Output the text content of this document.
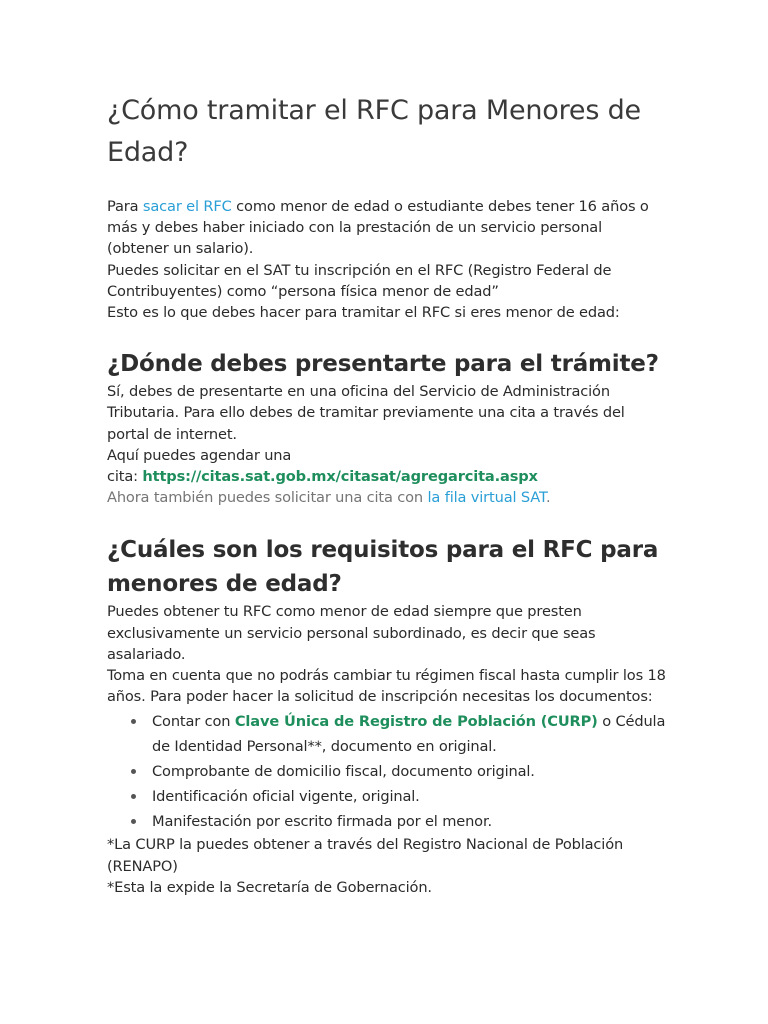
¿Cómo tramitar el RFC para Menores de Edad?

Para sacar el RFC como menor de edad o estudiante debes tener 16 años o más y debes haber iniciado con la prestación de un servicio personal (obtener un salario).

Puedes solicitar en el SAT tu inscripción en el RFC (Registro Federal de Contribuyentes) como “persona física menor de edad”

Esto es lo que debes hacer para tramitar el RFC si eres menor de edad:

¿Dónde debes presentarte para el trámite?

Sí, debes de presentarte en una oficina del Servicio de Administración Tributaria. Para ello debes de tramitar previamente una cita a través del portal de internet.

Aquí puedes agendar una

cita: https://citas.sat.gob.mx/citasat/agregarcita.aspx

Ahora también puedes solicitar una cita con la fila virtual SAT.

¿Cuáles son los requisitos para el RFC para menores de edad?

Puedes obtener tu RFC como menor de edad siempre que presten exclusivamente un servicio personal subordinado, es decir que seas asalariado.

Toma en cuenta que no podrás cambiar tu régimen fiscal hasta cumplir los 18 años. Para poder hacer la solicitud de inscripción necesitas los documentos:

Contar con Clave Única de Registro de Población (CURP) o Cédula de Identidad Personal**, documento en original.
Comprobante de domicilio fiscal, documento original.
Identificación oficial vigente, original.
Manifestación por escrito firmada por el menor.

*La CURP la puedes obtener a través del Registro Nacional de Población (RENAPO)

*Esta la expide la Secretaría de Gobernación.
